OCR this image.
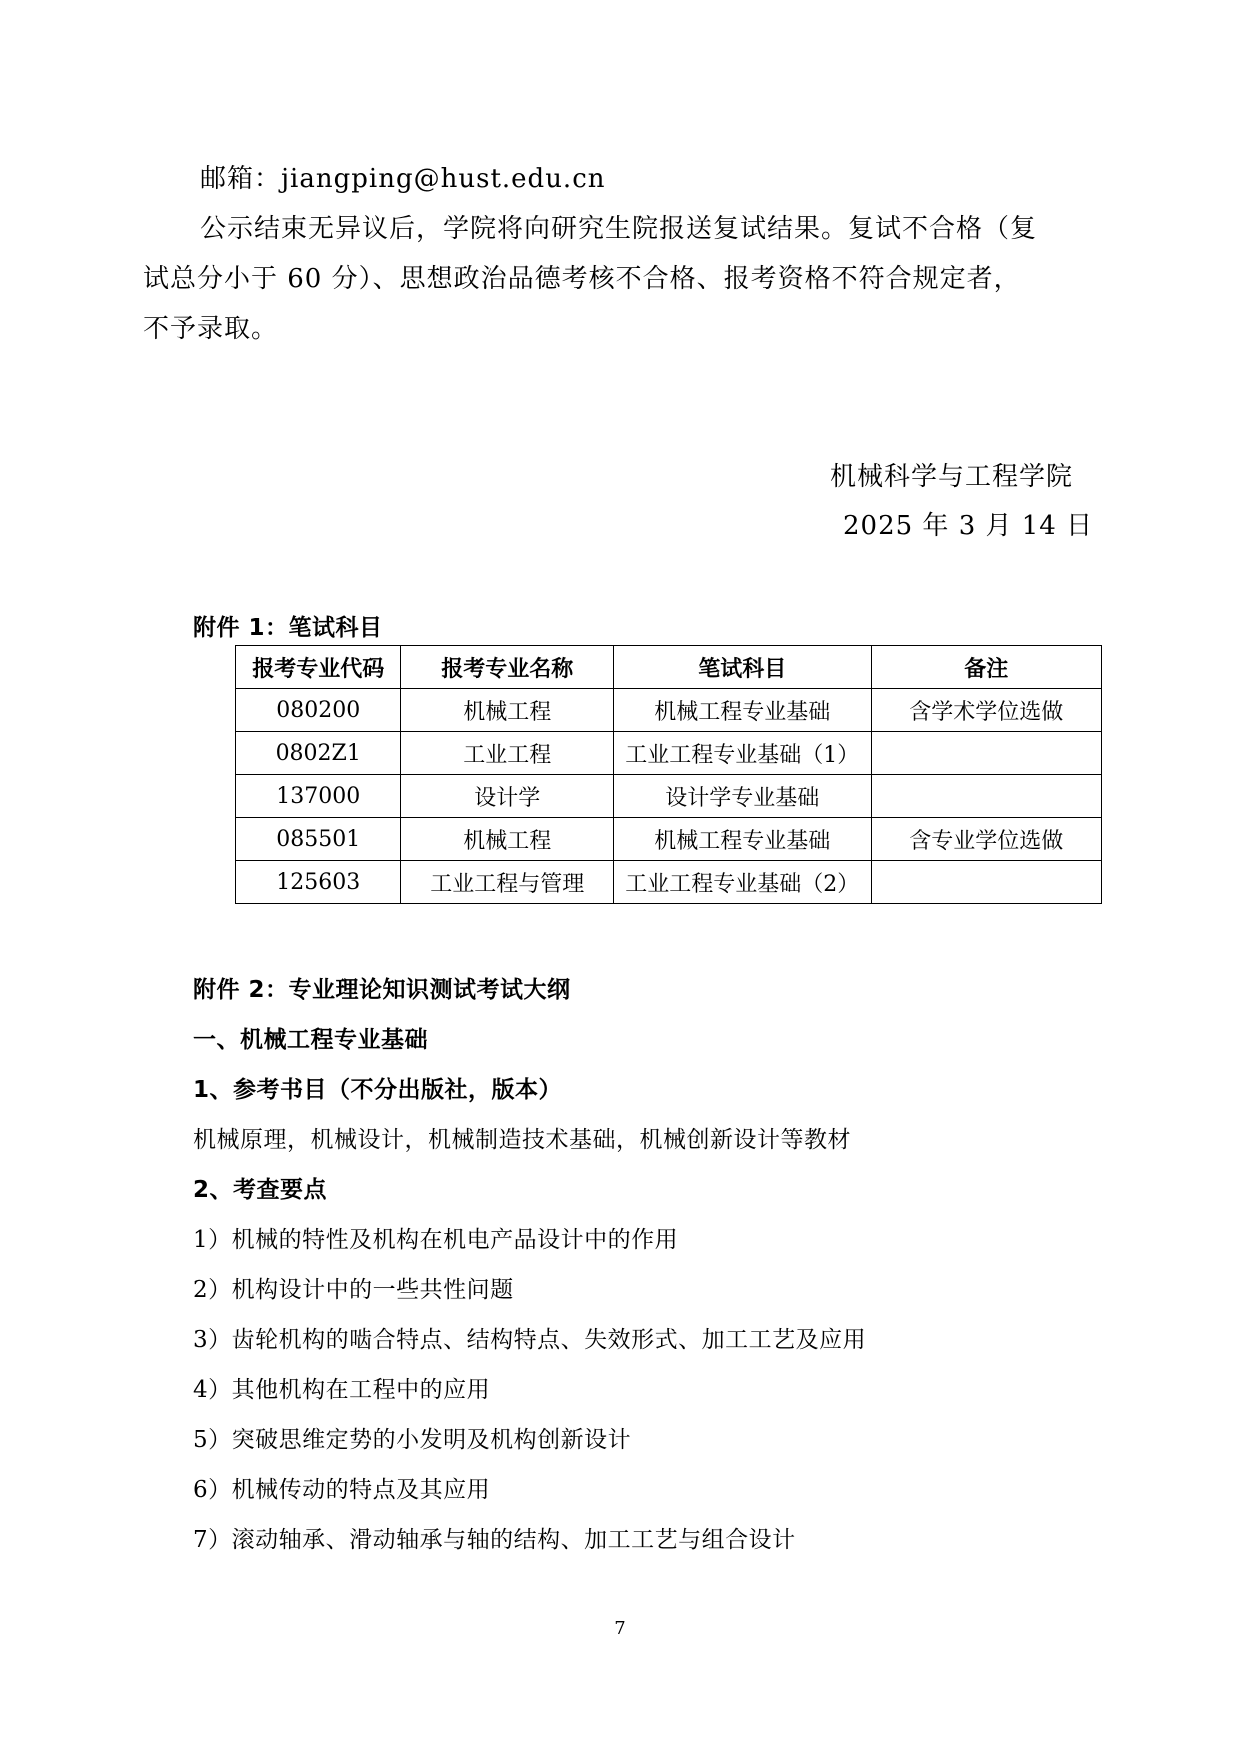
邮箱：jiangping@hust.edu.cn
公示结束无异议后，学院将向研究生院报送复试结果。复试不合格（复
试总分小于 60 分）、思想政治品德考核不合格、报考资格不符合规定者，
不予录取。
机械科学与工程学院
2025 年 3 月 14 日
附件 1：笔试科目
报考专业代码	报考专业名称	笔试科目	备注
080200	机械工程	机械工程专业基础	含学术学位选做
0802Z1	工业工程	工业工程专业基础（1）	
137000	设计学	设计学专业基础	
085501	机械工程	机械工程专业基础	含专业学位选做
125603	工业工程与管理	工业工程专业基础（2）	
附件 2：专业理论知识测试考试大纲
一、机械工程专业基础
1、参考书目（不分出版社，版本）
机械原理，机械设计，机械制造技术基础，机械创新设计等教材
2、考查要点
1）机械的特性及机构在机电产品设计中的作用
2）机构设计中的一些共性问题
3）齿轮机构的啮合特点、结构特点、失效形式、加工工艺及应用
4）其他机构在工程中的应用
5）突破思维定势的小发明及机构创新设计
6）机械传动的特点及其应用
7）滚动轴承、滑动轴承与轴的结构、加工工艺与组合设计
7
